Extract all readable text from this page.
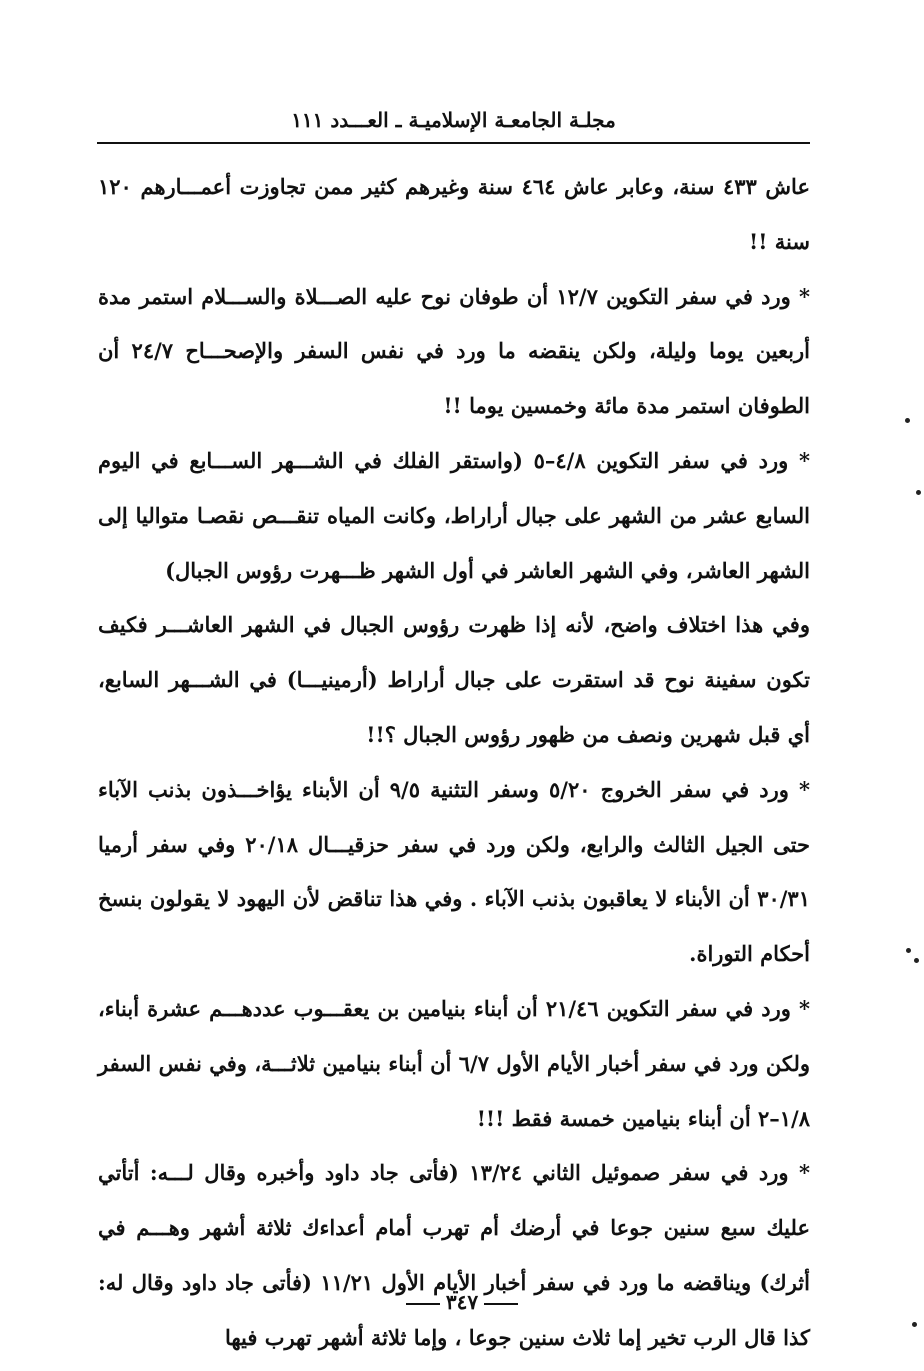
مجلـة الجامعـة الإسلاميـة ـ العـــدد ١١١

عاش ٤٣٣ سنة، وعابر عاش ٤٦٤ سنة وغيرهم كثير ممن تجاوزت أعمـــارهم ١٢٠ سنة !!

* ورد في سفر التكوين ١٢/٧ أن طوفان نوح عليه الصـــلاة والســـلام استمر مدة أربعين يوما وليلة، ولكن ينقضه ما ورد في نفس السفر والإصحـــاح ٢٤/٧ أن الطوفان استمر مدة مائة وخمسين يوما !!

* ورد في سفر التكوين ٤/٨–٥ (واستقر الفلك في الشـــهر الســـابع في اليوم السابع عشر من الشهر على جبال أراراط، وكانت المياه تنقـــص نقصـا متواليا إلى الشهر العاشر، وفي الشهر العاشر في أول الشهر ظـــهرت رؤوس الجبال)

وفي هذا اختلاف واضح، لأنه إذا ظهرت رؤوس الجبال في الشهر العاشـــر فكيف تكون سفينة نوح قد استقرت على جبال أراراط (أرمينيـــا) في الشـــهر السابع، أي قبل شهرين ونصف من ظهور رؤوس الجبال ؟!!

* ورد في سفر الخروج ٥/٢٠ وسفر التثنية ٩/٥ أن الأبناء يؤاخـــذون بذنب الآباء حتى الجيل الثالث والرابع، ولكن ورد في سفر حزقيـــال ٢٠/١٨ وفي سفر أرميا ٣٠/٣١ أن الأبناء لا يعاقبون بذنب الآباء . وفي هذا تناقض لأن اليهود لا يقولون بنسخ أحكام التوراة.

* ورد في سفر التكوين ٢١/٤٦ أن أبناء بنيامين بن يعقـــوب عددهـــم عشرة أبناء، ولكن ورد في سفر أخبار الأيام الأول ٦/٧ أن أبناء بنيامين ثلاثـــة، وفي نفس السفر ١/٨–٢ أن أبناء بنيامين خمسة فقط !!!

* ورد في سفر صموئيل الثاني ١٣/٢٤ (فأتى جاد داود وأخبره وقال لـــه: أتأتي عليك سبع سنين جوعا في أرضك أم تهرب أمام أعداءك ثلاثة أشهر وهـــم في أثرك) ويناقضه ما ورد في سفر أخبار الأيام الأول ١١/٢١ (فأتى جاد داود وقال له: كذا قال الرب تخير إما ثلاث سنين جوعا ، وإما ثلاثة أشهر تهرب فيها

٣٤٧
